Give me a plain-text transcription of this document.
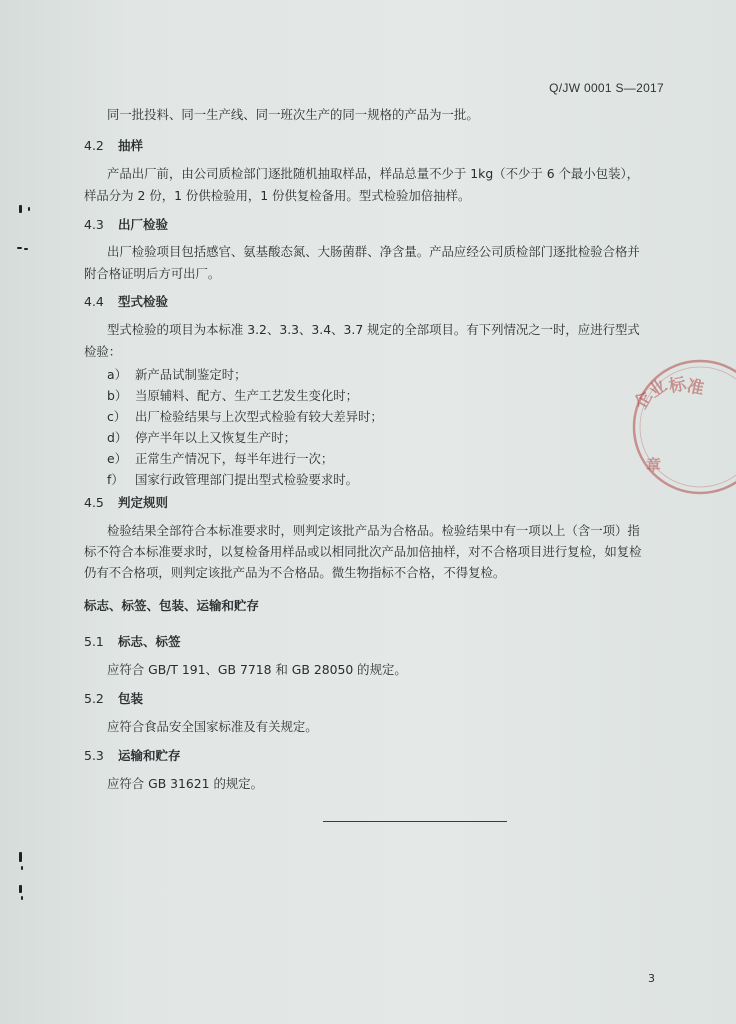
Q/JW 0001 S—2017
同一批投料、同一生产线、同一班次生产的同一规格的产品为一批。
4.2 抽样
产品出厂前，由公司质检部门逐批随机抽取样品，样品总量不少于 1kg（不少于 6 个最小包装），
样品分为 2 份，1 份供检验用，1 份供复检备用。型式检验加倍抽样。
4.3 出厂检验
出厂检验项目包括感官、氨基酸态氮、大肠菌群、净含量。产品应经公司质检部门逐批检验合格并
附合格证明后方可出厂。
4.4 型式检验
型式检验的项目为本标准 3.2、3.3、3.4、3.7 规定的全部项目。有下列情况之一时，应进行型式
检验：
a） 新产品试制鉴定时；
b） 当原辅料、配方、生产工艺发生变化时；
c） 出厂检验结果与上次型式检验有较大差异时；
d） 停产半年以上又恢复生产时；
e） 正常生产情况下，每半年进行一次；
f） 国家行政管理部门提出型式检验要求时。
4.5 判定规则
检验结果全部符合本标准要求时，则判定该批产品为合格品。检验结果中有一项以上（含一项）指
标不符合本标准要求时，以复检备用样品或以相同批次产品加倍抽样，对不合格项目进行复检，如复检
仍有不合格项，则判定该批产品为不合格品。微生物指标不合格，不得复检。
标志、标签、包装、运输和贮存
5.1 标志、标签
应符合 GB/T 191、GB 7718 和 GB 28050 的规定。
5.2 包装
应符合食品安全国家标准及有关规定。
5.3 运输和贮存
应符合 GB 31621 的规定。
3
企
业
标
准
章
